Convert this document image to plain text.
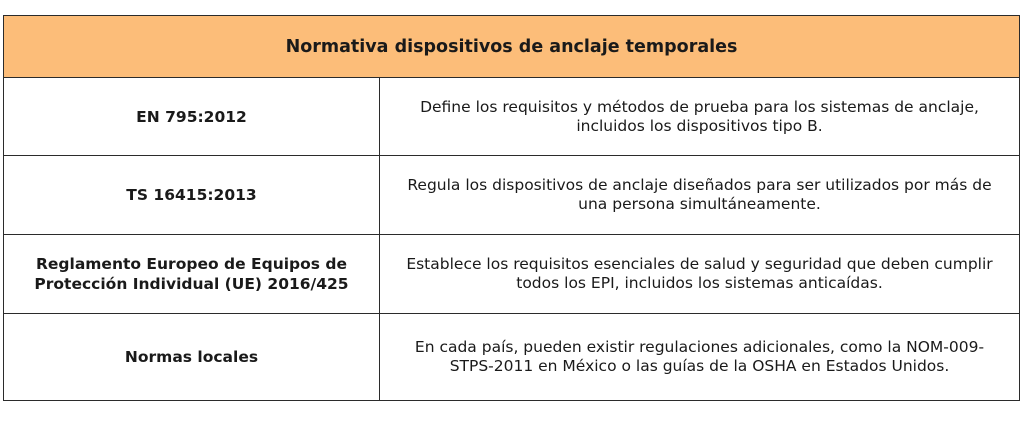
Normativa dispositivos de anclaje temporales
EN 795:2012
Define los requisitos y métodos de prueba para los sistemas de anclaje, incluidos los dispositivos tipo B.
TS 16415:2013
Regula los dispositivos de anclaje diseñados para ser utilizados por más de una persona simultáneamente.
Reglamento Europeo de Equipos de Protección Individual (UE) 2016/425
Establece los requisitos esenciales de salud y seguridad que deben cumplir todos los EPI, incluidos los sistemas anticaídas.
Normas locales
En cada país, pueden existir regulaciones adicionales, como la NOM-009-STPS-2011 en México o las guías de la OSHA en Estados Unidos.
